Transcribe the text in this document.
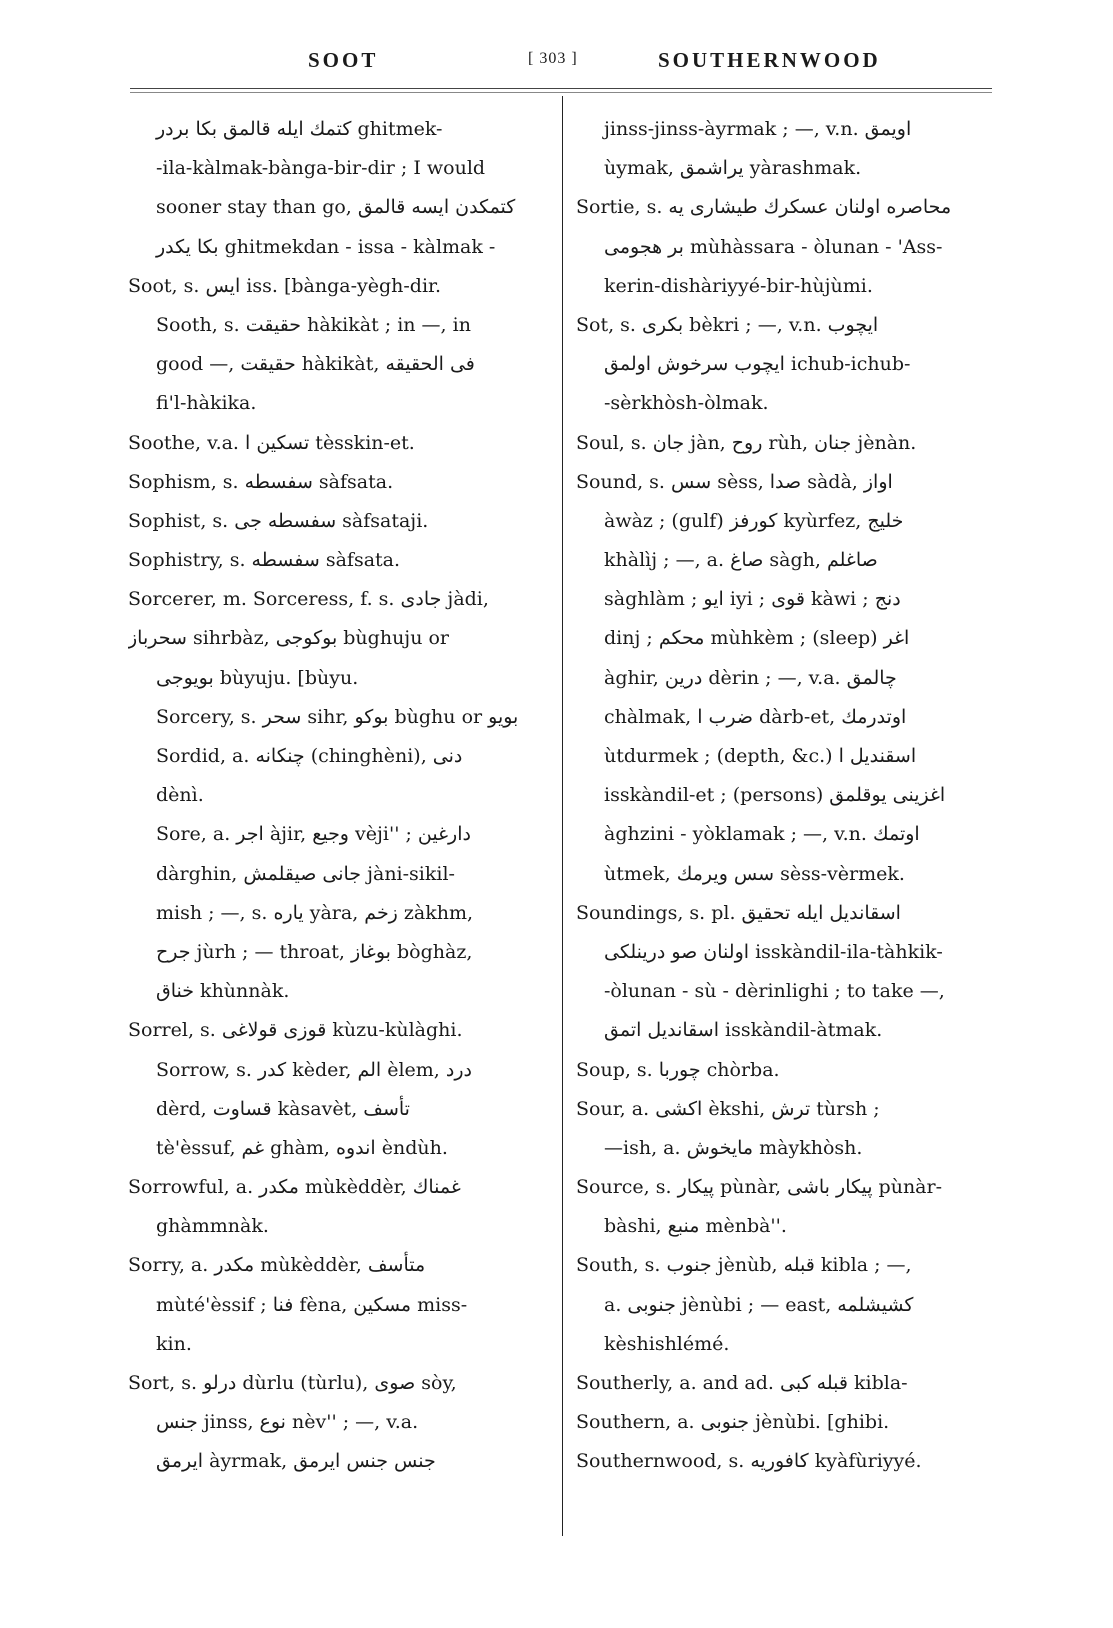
SOOT	[ 303 ]	SOUTHERNWOOD
کتمك ایله قالمق بکا بردر ghitmek-
-ila-kàlmak-bànga-bir-dir ; I would
sooner stay than go, کتمکدن ایسه قالمق
بکا یکدر ghitmekdan - issa - kàlmak -
Soot, s. ایس iss. [bànga-yègh-dir.
Sooth, s. حقیقت hàkikàt ; in —, in
good —, حقیقت hàkikàt, فی الحقیقه
fi'l-hàkika.
Soothe, v.a. تسکین ا tèsskin-et.
Sophism, s. سفسطه sàfsata.
Sophist, s. سفسطه جی sàfsataji.
Sophistry, s. سفسطه sàfsata.
Sorcerer, m. Sorceress, f. s. جادی jàdi,
سحرباز sihrbàz, بوکوجی bùghuju or
بویوجی bùyuju. [bùyu.
Sorcery, s. سحر sihr, بوکو bùghu or بویو
Sordid, a. چنکانه (chinghèni), دنی
dènì.
Sore, a. اجر àjir, وجیع vèji'' ; دارغین
dàrghin, جانی صیقلمش jàni-sikil-
mish ; —, s. یاره yàra, زخم zàkhm,
جرح jùrh ; — throat, بوغاز bòghàz,
خناق khùnnàk.
Sorrel, s. قوزی قولاغی kùzu-kùlàghi.
Sorrow, s. کدر kèder, الم èlem, درد
dèrd, قساوت kàsavèt, تأسف
tè'èssuf, غم ghàm, اندوه èndùh.
Sorrowful, a. مکدر mùkèddèr, غمناك
ghàmmnàk.
Sorry, a. مکدر mùkèddèr, متأسف
mùté'èssif ; فنا fèna, مسکین miss-
kin.
Sort, s. درلو dùrlu (tùrlu), صوی sòy,
جنس jinss, نوع nèv'' ; —, v.a.
ایرمق àyrmak, جنس جنس ایرمق
jinss-jinss-àyrmak ; —, v.n. اویمق
ùymak, یراشمق yàrashmak.
Sortie, s. محاصره اولنان عسکرك طیشاری یه
بر هجومی mùhàssara - òlunan - 'Ass-
kerin-dishàriyyé-bir-hùjùmi.
Sot, s. بکری bèkri ; —, v.n. ایچوب
ایچوب سرخوش اولمق ichub-ichub-
-sèrkhòsh-òlmak.
Soul, s. جان jàn, روح rùh, جنان jènàn.
Sound, s. سس sèss, صدا sàdà, اواز
àwàz ; (gulf) کورفز kyùrfez, خلیج
khàlìj ; —, a. صاغ sàgh, صاغلم
sàghlàm ; ایو iyi ; قوی kàwi ; دنج
dinj ; محکم mùhkèm ; (sleep) اغر
àghir, درین dèrin ; —, v.a. چالمق
chàlmak, ضرب ا dàrb-et, اوتدرمك
ùtdurmek ; (depth, &c.) اسقندیل ا
isskàndil-et ; (persons) اغزینی یوقلمق
àghzini - yòklamak ; —, v.n. اوتمك
ùtmek, سس ویرمك sèss-vèrmek.
Soundings, s. pl. اسقاندیل ایله تحقیق
اولنان صو درینلکی isskàndil-ila-tàhkik-
-òlunan - sù - dèrinlighi ; to take —,
اسقاندیل اتمق isskàndil-àtmak.
Soup, s. چوربا chòrba.
Sour, a. اکشی èkshi, ترش tùrsh ;
—ish, a. مایخوش màykhòsh.
Source, s. پیکار pùnàr, پیکار باشی pùnàr-
bàshi, منبع mènbà''.
South, s. جنوب jènùb, قبله kibla ; —,
a. جنوبی jènùbi ; — east, کشیشلمه
kèshishlémé.
Southerly, a. and ad. قبله کبی kibla-
Southern, a. جنوبی jènùbi. [ghibi.
Southernwood, s. کافوریه kyàfùriyyé.
